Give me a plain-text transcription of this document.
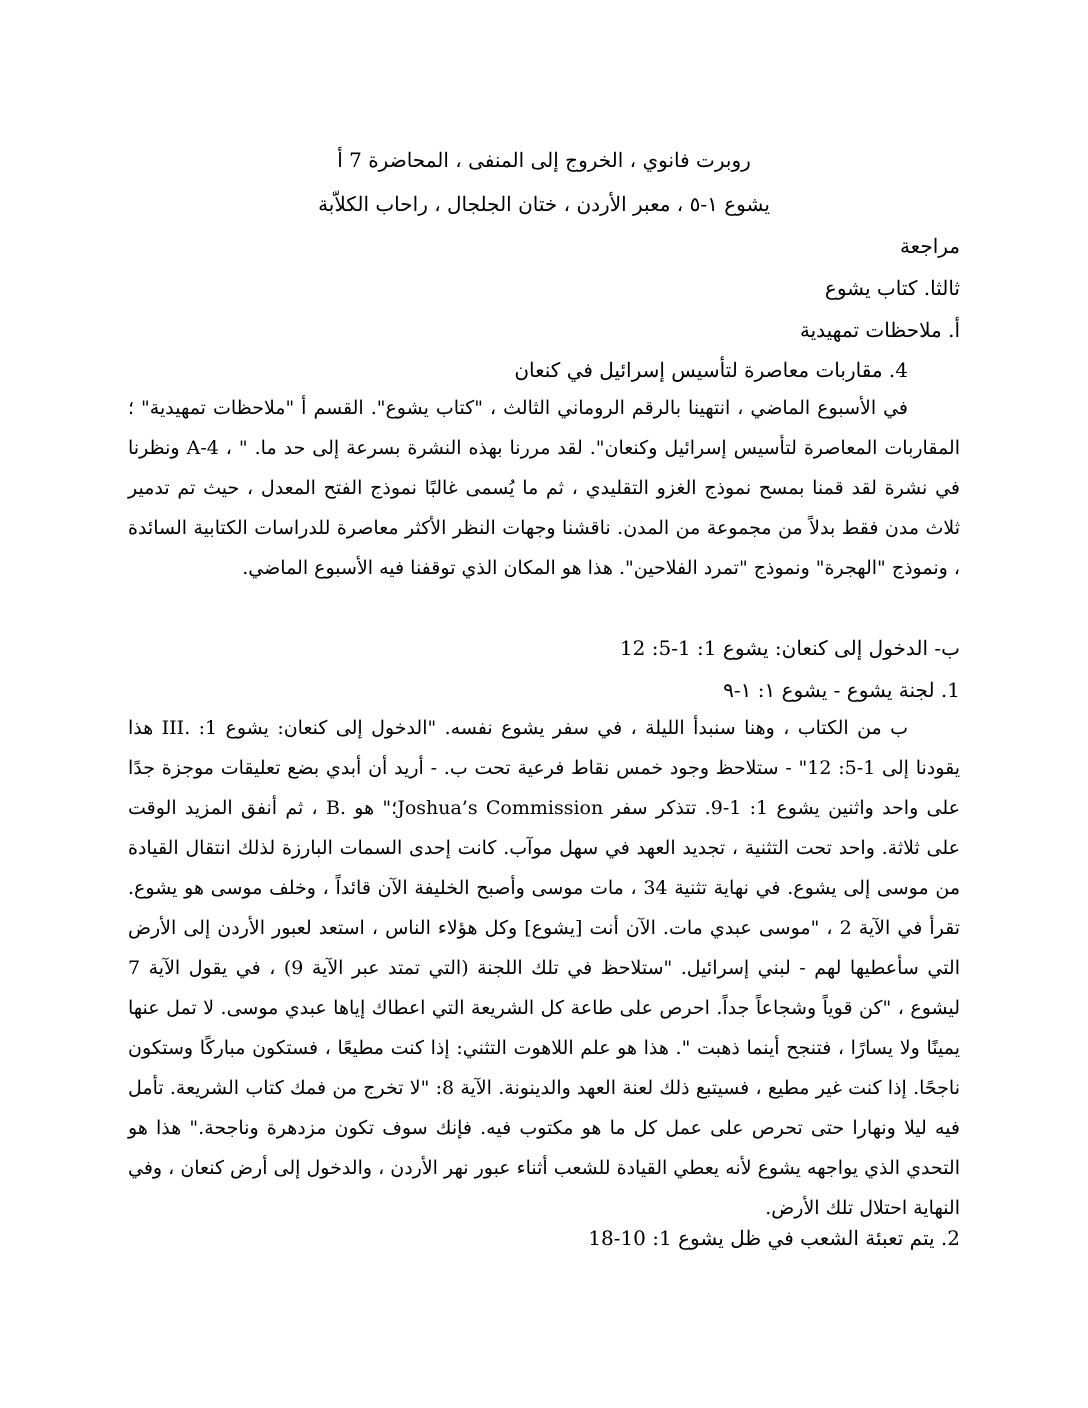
روبرت فانوي ، الخروج إلى المنفى ، المحاضرة 7 أ
يشوع ١-٥ ، معبر الأردن ، ختان الجلجال ، راحاب الكلاّبة
مراجعة
ثالثا. كتاب يشوع
أ. ملاحظات تمهيدية
4. مقاربات معاصرة لتأسيس إسرائيل في كنعان
في الأسبوع الماضي ، انتهينا بالرقم الروماني الثالث ، "كتاب يشوع". القسم أ "ملاحظات تمهيدية" ؛ المقاربات المعاصرة لتأسيس إسرائيل وكنعان". لقد مررنا بهذه النشرة بسرعة إلى حد ما. " ، A-4 ونظرنا في نشرة لقد قمنا بمسح نموذج الغزو التقليدي ، ثم ما يُسمى غالبًا نموذج الفتح المعدل ، حيث تم تدمير ثلاث مدن فقط بدلاً من مجموعة من المدن. ناقشنا وجهات النظر الأكثر معاصرة للدراسات الكتابية السائدة ، ونموذج "الهجرة" ونموذج "تمرد الفلاحين". هذا هو المكان الذي توقفنا فيه الأسبوع الماضي.
ب- الدخول إلى كنعان: يشوع 1: 1-5: 12
1. لجنة يشوع - يشوع ١: ١-٩
ب من الكتاب ، وهنا سنبدأ الليلة ، في سفر يشوع نفسه. "الدخول إلى كنعان: يشوع 1: .III هذا يقودنا إلى 1-5: 12" - ستلاحظ وجود خمس نقاط فرعية تحت ب. - أريد أن أبدي بضع تعليقات موجزة جدًا على واحد واثنين يشوع 1: 1-9. تتذكر سفر Joshua’s Commission؛" هو .B ، ثم أنفق المزيد الوقت على ثلاثة. واحد تحت التثنية ، تجديد العهد في سهل موآب. كانت إحدى السمات البارزة لذلك انتقال القيادة من موسى إلى يشوع. في نهاية تثنية 34 ، مات موسى وأصبح الخليفة الآن قائداً ، وخلف موسى هو يشوع. تقرأ في الآية 2 ، "موسى عبدي مات. الآن أنت [يشوع] وكل هؤلاء الناس ، استعد لعبور الأردن إلى الأرض التي سأعطيها لهم - لبني إسرائيل. "ستلاحظ في تلك اللجنة (التي تمتد عبر الآية 9) ، في يقول الآية 7 ليشوع ، "كن قوياً وشجاعاً جداً. احرص على طاعة كل الشريعة التي اعطاك إياها عبدي موسى. لا تمل عنها يمينًا ولا يسارًا ، فتنجح أينما ذهبت ". هذا هو علم اللاهوت التثني: إذا كنت مطيعًا ، فستكون مباركًا وستكون ناجحًا. إذا كنت غير مطيع ، فسيتبع ذلك لعنة العهد والدينونة. الآية 8: "لا تخرج من فمك كتاب الشريعة. تأمل فيه ليلا ونهارا حتى تحرص على عمل كل ما هو مكتوب فيه. فإنك سوف تكون مزدهرة وناجحة." هذا هو التحدي الذي يواجهه يشوع لأنه يعطي القيادة للشعب أثناء عبور نهر الأردن ، والدخول إلى أرض كنعان ، وفي النهاية احتلال تلك الأرض.
2. يتم تعبئة الشعب في ظل يشوع 1: 10-18
